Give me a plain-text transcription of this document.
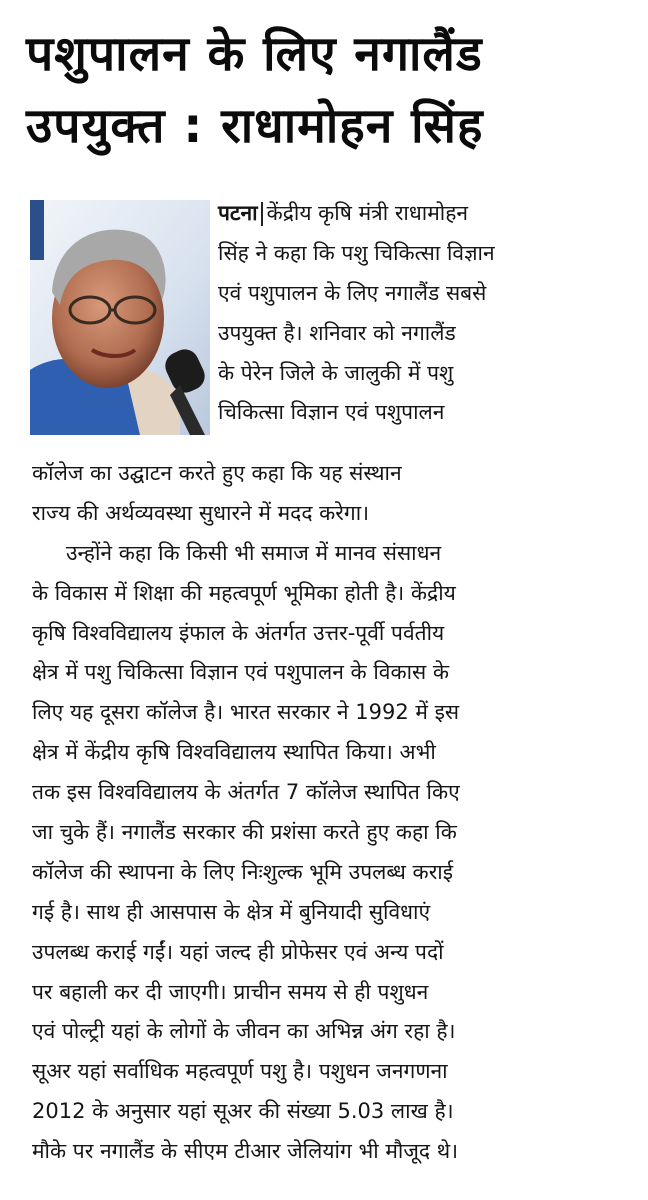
पशुपालन के लिए नगालैंड
उपयुक्त : राधामोहन सिंह
पटना केंद्रीय कृषि मंत्री राधामोहन
सिंह ने कहा कि पशु चिकित्सा विज्ञान
एवं पशुपालन के लिए नगालैंड सबसे
उपयुक्त है। शनिवार को नगालैंड
के पेरेन जिले के जालुकी में पशु
चिकित्सा विज्ञान एवं पशुपालन
कॉलेज का उद्घाटन करते हुए कहा कि यह संस्थान
राज्य की अर्थव्यवस्था सुधारने में मदद करेगा।
उन्होंने कहा कि किसी भी समाज में मानव संसाधन
के विकास में शिक्षा की महत्वपूर्ण भूमिका होती है। केंद्रीय
कृषि विश्वविद्यालय इंफाल के अंतर्गत उत्तर-पूर्वी पर्वतीय
क्षेत्र में पशु चिकित्सा विज्ञान एवं पशुपालन के विकास के
लिए यह दूसरा कॉलेज है। भारत सरकार ने 1992 में इस
क्षेत्र में केंद्रीय कृषि विश्वविद्यालय स्थापित किया। अभी
तक इस विश्वविद्यालय के अंतर्गत 7 कॉलेज स्थापित किए
जा चुके हैं। नगालैंड सरकार की प्रशंसा करते हुए कहा कि
कॉलेज की स्थापना के लिए निःशुल्क भूमि उपलब्ध कराई
गई है। साथ ही आसपास के क्षेत्र में बुनियादी सुविधाएं
उपलब्ध कराई गईं। यहां जल्द ही प्रोफेसर एवं अन्य पदों
पर बहाली कर दी जाएगी। प्राचीन समय से ही पशुधन
एवं पोल्ट्री यहां के लोगों के जीवन का अभिन्न अंग रहा है।
सूअर यहां सर्वाधिक महत्वपूर्ण पशु है। पशुधन जनगणना
2012 के अनुसार यहां सूअर की संख्या 5.03 लाख है।
मौके पर नगालैंड के सीएम टीआर जेलियांग भी मौजूद थे।
